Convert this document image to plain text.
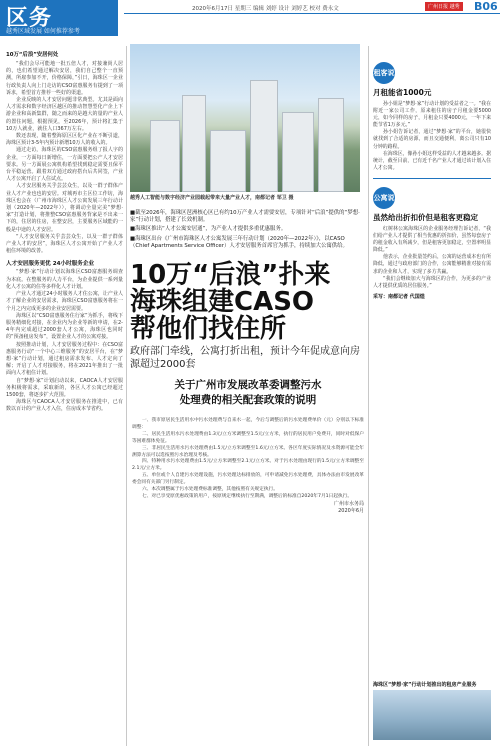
区务
越秀区域发展 如何推荐参考
2020年6月17日 星期三 编辑 刘婷 设计 刘婷艺 校对 费永文	广州日报 越秀 B06

10万“后浪”安居何处

“我们会尽可能地一批五倍人才，对接兼尚人居的，也们希望通过解决安居，我们自己整个一直预测，所雇参加不开，价格保障，”引日，海珠区一企业行政负责人向上门走访的CSO富惠服务有提到了一项诉求，希望首方推荐一些好的渠道。

企业反映的人才安居问题非常典型。尤其是面向人才需求和数字经济区越区的推动智慧型化产企上下游企业和高新集群，随之而来的是越大的量的产业人的置住问题，根据预见，至2026年，预计将汇集于10万人就业，就住人口367万左右。

数还表现，随着整海原区区化产业在不断引道，海珠区预计3-5年内预计新增10万人的收入的。

通过走访，海珠区的CSO富惠服务组了报人字的企业，一方面每日新增住，一方面要把公产人才安居要求。另一方面展公寓机构希望找到稳定需要且保平台平稳运营。跟着双方通过政府搭台后共同签，产业人才公寓开启了人住试点。

人才安居服务关乎芸芸众生，以及一群子群体产业人才产业也也的安居。对城再市主区位工作坊，海珠区也会在（广州市海珠区人才公寓发展三年行动计划（2020年—2022年）），将调动全量完美“梦想·家”打造计划，将推整CSO富惠服务背家是不出来一下的，住居的住房，在整安居，主要服务区域能的一般是中途的人才安居。

“人才安居服务关乎芸芸众生，以及一群子群体产业人才的安居”，海珠区人才公寓开始了产业人才租住环境的改善。

人才安居服务更优 24小时服务企业

“梦想·家”行动计划以海珠区CSO富惠服务调查为本底。在整服务的人力平台，为企业提供一系列量化人才公寓的住等多样化人才计划。

产业人才通过24小时服务人才住公寓，让产业人才了解企业的安居需求，海珠区CSO富惠服务将在一个月之内完成更多的企业安居需要。

海珠区以“CSO富惠服务住行家”为抓手，将线下服务精细化对接，在企业内为企业等新的申请，在2-4年内完成超过2000套人才公寓，海珠区也同时的“预备租房发布”，设置企业人才的公寓对接。

按照推动计划，人才安居服务过程中：在CSO富惠服务行动“一个中心三维服务”的安居平台，在“梦想·家”行动计划，通过租房需求发布、人才定向了解；开启了人才对接服务，将在2021年推出了一批面向人才租住计划。

自“梦想·家”计划启动以来，CAOCA人才安居服务积极将需求，采取新的，各区人才公寓已经超过1500套，将逐步扩大范围。

海珠区与CAOCA人才安居服务在推进中，已有数以百计的产业人才入住，住房成本节省约。

越秀人工智能与数字经济产业园载起带来大量产业人才，南都记者 邹卫 摄

■截至2026年，海珠区琶洲核心区已有约10万产业人才需要安居，专项针对“后浪”提供的“梦想·家”行动计划，搭建了长效机制。

■海珠区推出“人才公寓安居通”，为产业人才提供多重优惠服务。

■海珠区出台《广州市海珠区人才公寓发展三年行动计划（2020年—2022年）》，以CASO（Chief Apartments Service Officer）人才安居服务首席官为抓手，持续加大公寓供给。

10万“后浪”扑来
海珠组建CASO
帮他们找住所
政府部门牵线，公寓打折出租，预计今年促成意向房源超过2000套
关于广州市发展改革委调整污水
处理费的相关配套政策的说明

一、我市原居民生活用水中污水处理费与自来水一起，今后与调整后的污水处理费单价（元）分别以下标准调整：

二、居民生活用水污水处理费由1.3元/立方米调整至1.5元/立方米，执行的居民用户免费开，同时对低保户等困难群体免征。

三、非居民生活用水污水处理费由1.5元/立方米调整至1.6元/立方米。各区年度实际情况及水资源可能全年测算方法可以选按照污水治理及考核。

四、特种用水污水处理费由1.5元/立方米调整至2.1元/立方米。对于污水处理由现行的1.5元/立方米调整至2.1元/立方米。

五、单位或个人自建污水处理设施，污水处理达标排放的，可申请减免污水处理费，具体办法由市发展改革委会同有关部门另行制定。

六、本次调整属于污水处理费标准调整，其他按照有关规定执行。

七、对已享受原优惠政策的用户，按原规定继续执行至期满，调整后的标准自2020年7月1日起执行。

广州市水务局

2020年6月

租客说

月租能省1000元

孙小姐是“梦想·家”行动计划的受益者之一。“我在附近一家公司工作，原来租住的房子月租金要5000元，如今同样的房子，月租金只要4000元，一年下来能节省1万多元。”

孙小姐告诉记者，通过“梦想·家”的平台，她很快就找到了合适的房源，而且交通便利，离公司只有10分钟的路程。

在海珠区，像孙小姐这样受益的人才越来越多。据统计，截至目前，已有近千名产业人才通过该计划入住人才公寓。

公寓说

虽然给出折扣价但是租客更稳定

红树林公寓海珠区的企业服务经理告诉记者，“我们给产业人才提供了相当优惠的折扣价，虽然每套房子的租金收入有所减少，但是租客更加稳定，空置率明显降低。”

他表示，企业批量签约后，公寓的运营成本也有所降低，通过与政府部门的合作，公寓能够精准对接有需求的企业和人才，实现了多方共赢。

“我们会继续加大与海珠区的合作，为更多的产业人才提供优质的居住服务。”

采写：南都记者 代国煌

海珠区“梦想·家”行动计划推出的租房产业服务
